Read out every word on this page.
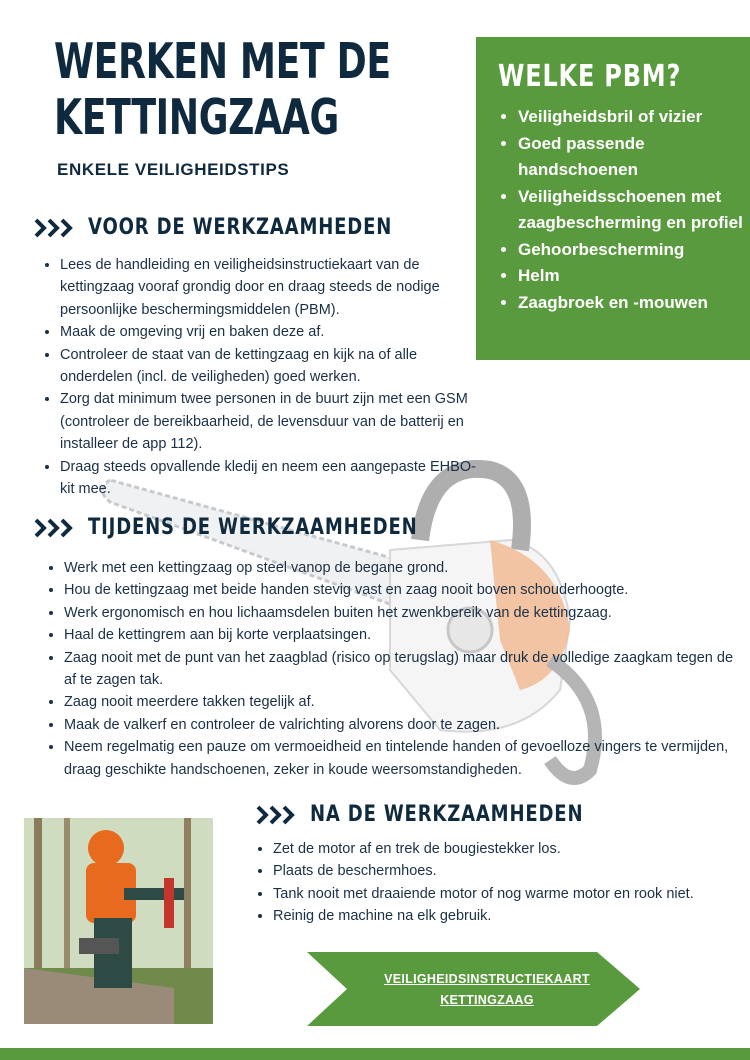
WERKEN MET DE
KETTINGZAAG

ENKELE VEILIGHEIDSTIPS

WELKE PBM?
• Veiligheidsbril of vizier
• Goed passende handschoenen
• Veiligheidsschoenen met zaagbescherming en profiel
• Gehoorbescherming
• Helm
• Zaagbroek en -mouwen
VOOR DE WERKZAAMHEDEN
• Lees de handleiding en veiligheidsinstructiekaart van de kettingzaag vooraf grondig door en draag steeds de nodige persoonlijke beschermingsmiddelen (PBM).
• Maak de omgeving vrij en baken deze af.
• Controleer de staat van de kettingzaag en kijk na of alle onderdelen (incl. de veiligheden) goed werken.
• Zorg dat minimum twee personen in de buurt zijn met een GSM (controleer de bereikbaarheid, de levensduur van de batterij en installeer de app 112).
• Draag steeds opvallende kledij en neem een aangepaste EHBO-kit mee.
TIJDENS DE WERKZAAMHEDEN
• Werk met een kettingzaag op steel vanop de begane grond.
• Hou de kettingzaag met beide handen stevig vast en zaag nooit boven schouderhoogte.
• Werk ergonomisch en hou lichaamsdelen buiten het zwenkbereik van de kettingzaag.
• Haal de kettingrem aan bij korte verplaatsingen.
• Zaag nooit met de punt van het zaagblad (risico op terugslag) maar druk de volledige zaagkam tegen de af te zagen tak.
• Zaag nooit meerdere takken tegelijk af.
• Maak de valkerf en controleer de valrichting alvorens door te zagen.
• Neem regelmatig een pauze om vermoeidheid en tintelende handen of gevoelloze vingers te vermijden, draag geschikte handschoenen, zeker in koude weersomstandigheden.
NA DE WERKZAAMHEDEN
• Zet de motor af en trek de bougiestekker los.
• Plaats de beschermhoes.
• Tank nooit met draaiende motor of nog warme motor en rook niet.
• Reinig de machine na elk gebruik.
VEILIGHEIDSINSTRUCTIEKAART
KETTINGZAAG
